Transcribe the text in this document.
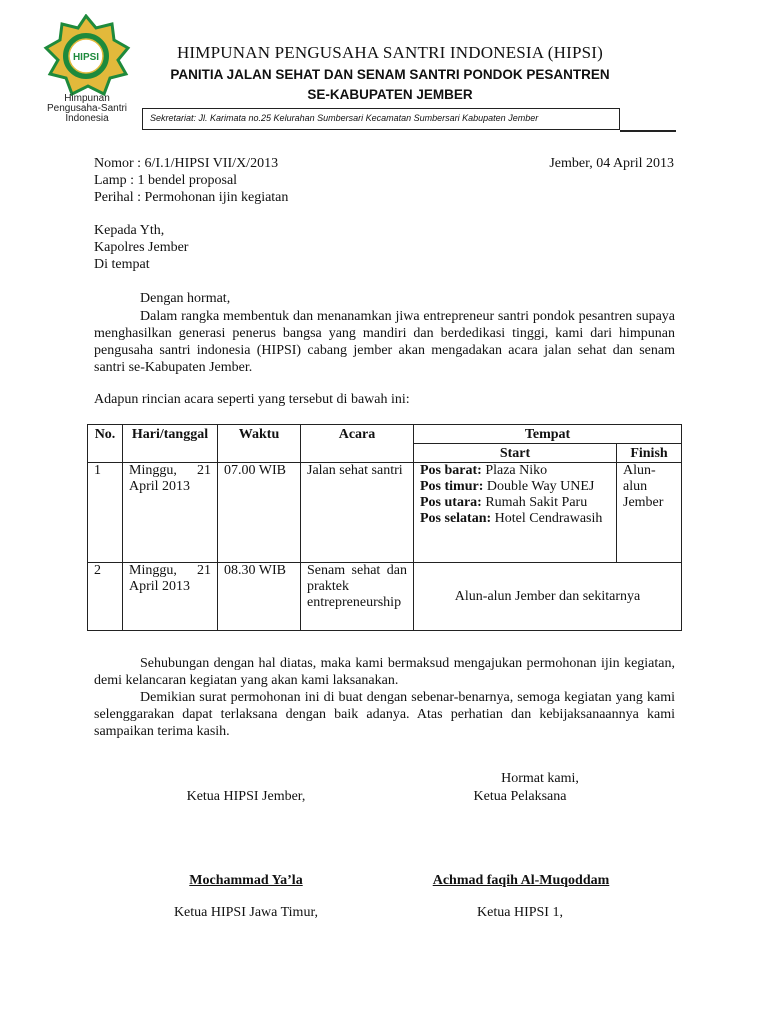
HIPSI
Himpunan
Pengusaha-Santri
Indonesia
HIMPUNAN PENGUSAHA SANTRI INDONESIA (HIPSI)
PANITIA JALAN SEHAT DAN SENAM SANTRI PONDOK PESANTREN
SE-KABUPATEN JEMBER
Sekretariat: Jl. Karimata no.25 Kelurahan Sumbersari Kecamatan Sumbersari Kabupaten Jember
Nomor : 6/I.1/HIPSI VII/X/2013
Lamp : 1 bendel proposal
Perihal : Permohonan ijin kegiatan
Jember, 04 April 2013
Kepada Yth,
Kapolres Jember
Di tempat
Dengan hormat,

Dalam rangka membentuk dan menanamkan jiwa entrepreneur santri pondok pesantren supaya menghasilkan generasi penerus bangsa yang mandiri dan berdedikasi tinggi, kami dari himpunan pengusaha santri indonesia (HIPSI) cabang jember akan mengadakan acara jalan sehat dan senam santri se-Kabupaten Jember.

Adapun rincian acara seperti yang tersebut di bawah ini:
No.	Hari/tanggal	Waktu	Acara	Tempat	
				Start	Finish
1	Minggu, 21 April 2013	07.00 WIB	Jalan sehat santri	Pos barat: Plaza Niko
Pos timur: Double Way UNEJ
Pos utara: Rumah Sakit Paru
Pos selatan: Hotel Cendrawasih	Alun-alun Jember
2	Minggu, 21 April 2013	08.30 WIB	Senam sehat dan praktek entrepreneurship	Alun-alun Jember dan sekitarnya	

Sehubungan dengan hal diatas, maka kami bermaksud mengajukan permohonan ijin kegiatan, demi kelancaran kegiatan yang akan kami laksanakan.

Demikian surat permohonan ini di buat dengan sebenar-benarnya, semoga kegiatan yang kami selenggarakan dapat terlaksana dengan baik adanya. Atas perhatian dan kebijaksanaannya kami sampaikan terima kasih.

Hormat kami,
Ketua HIPSI Jember,	Ketua Pelaksana
Mochammad Ya’la	Achmad faqih Al-Muqoddam
Ketua HIPSI Jawa Timur,	Ketua HIPSI 1,
